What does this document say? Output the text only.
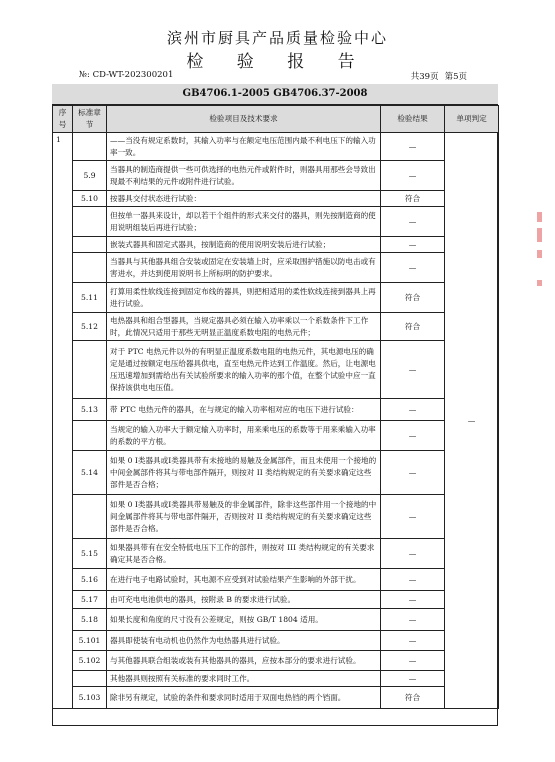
滨州市厨具产品质量检验中心
检 验 报 告
№: CD-WT-202300201	共39页 第5页
GB4706.1-2005 GB4706.37-2008
序号	标准章节	检验项目及技术要求	检验结果	单项判定
1		——当没有规定系数时，其输入功率与在额定电压范围内最不利电压下的输入功率一致。	—	—
	5.9	当器具的制造商提供一些可供选择的电热元件或附件时，则器具用那些会导致出现最不利结果的元件或附件进行试验。	—	
	5.10	按器具交付状态进行试验：	符合	
		但按单一器具来设计，却以若干个组件的形式来交付的器具，则先按制造商的使用说明组装后再进行试验；	—	
		嵌装式器具和固定式器具，按制造商的使用说明安装后进行试验；	—	
		当器具与其他器具组合安装或固定在安装墙上时，应采取围护措施以防电击或有害进水，并达到使用说明书上所标明的防护要求。	—	
	5.11	打算用柔性软线连接到固定布线的器具，则把相适用的柔性软线连接到器具上再进行试验。	符合	
	5.12	电热器具和组合型器具，当规定器具必须在输入功率乘以一个系数条件下工作时，此情况只适用于那些无明显正温度系数电阻的电热元件；	符合	
		对于 PTC 电热元件以外的有明显正温度系数电阻的电热元件，其电源电压的确定是通过按额定电压给器具供电，直至电热元件达到工作温度。然后，让电源电压迅速增加到需给出有关试验所要求的输入功率的那个值，在整个试验中应一直保持该供电电压值。	—	
	5.13	带 PTC 电热元件的器具，在与规定的输入功率相对应的电压下进行试验：	—	
		当规定的输入功率大于额定输入功率时，用来乘电压的系数等于用来乘输入功率的系数的平方根。	—	
	5.14	如果 0 Ⅰ类器具或Ⅰ类器具带有未接地的易触及金属部件，而且未使用一个接地的中间金属部件将其与带电部件隔开，则按对 II 类结构规定的有关要求确定这些部件是否合格；	—	
		如果 0 Ⅰ类器具或Ⅰ类器具带易触及的非金属部件，除非这些部件用一个接地的中间金属部件将其与带电部件隔开，否则按对 II 类结构规定的有关要求确定这些部件是否合格。	—	
	5.15	如果器具带有在安全特低电压下工作的部件，则按对 III 类结构规定的有关要求确定其是否合格。	—	
	5.16	在进行电子电路试验时，其电源不应受到对试验结果产生影响的外部干扰。	—	
	5.17	由可充电电池供电的器具，按附录 B 的要求进行试验。	—	
	5.18	如果长度和角度的尺寸没有公差规定，则按 GB/T 1804 适用。	—	
	5.101	器具即使装有电动机也仍然作为电热器具进行试验。	—	
	5.102	与其他器具联合组装或装有其他器具的器具，应按本部分的要求进行试验。	—	
		其他器具则按照有关标准的要求同时工作。	—	
	5.103	除非另有规定，试验的条件和要求同时适用于双面电热铛的两个铛面。	符合	
